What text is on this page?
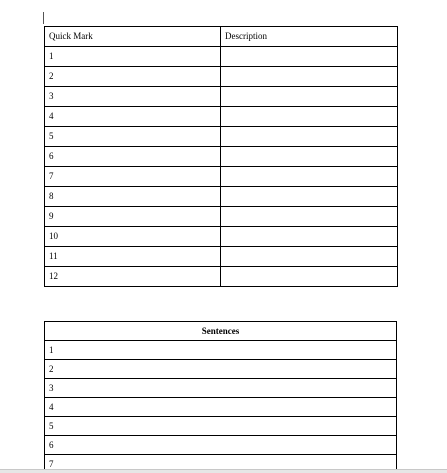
Quick Mark	Description
1	
2	
3	
4	
5	
6	
7	
8	
9	
10	
11	
12	
Sentences
1
2
3
4
5
6
7
